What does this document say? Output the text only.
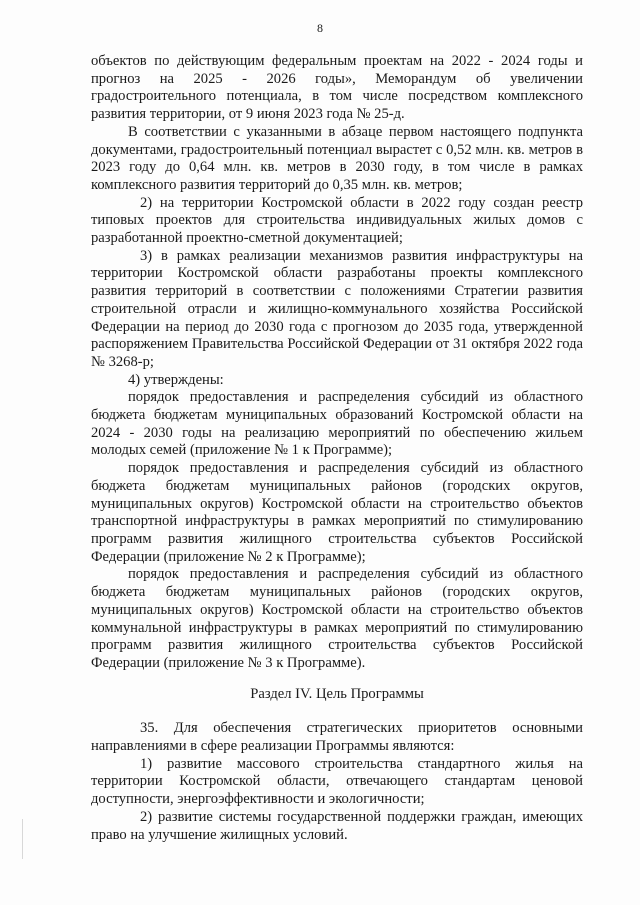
8

объектов по действующим федеральным проектам на 2022 - 2024 годы и прогноз на 2025 - 2026 годы», Меморандум об увеличении градостроительного потенциала, в том числе посредством комплексного развития территории, от 9 июня 2023 года № 25-д.

В соответствии с указанными в абзаце первом настоящего подпункта документами, градостроительный потенциал вырастет с 0,52 млн. кв. метров в 2023 году до 0,64 млн. кв. метров в 2030 году, в том числе в рамках комплексного развития территорий до 0,35 млн. кв. метров;

2) на территории Костромской области в 2022 году создан реестр типовых проектов для строительства индивидуальных жилых домов с разработанной проектно-сметной документацией;

3) в рамках реализации механизмов развития инфраструктуры на территории Костромской области разработаны проекты комплексного развития территорий в соответствии с положениями Стратегии развития строительной отрасли и жилищно-коммунального хозяйства Российской Федерации на период до 2030 года с прогнозом до 2035 года, утвержденной распоряжением Правительства Российской Федерации от 31 октября 2022 года № 3268-р;

4) утверждены:

порядок предоставления и распределения субсидий из областного бюджета бюджетам муниципальных образований Костромской области на 2024 - 2030 годы на реализацию мероприятий по обеспечению жильем молодых семей (приложение № 1 к Программе);

порядок предоставления и распределения субсидий из областного бюджета бюджетам муниципальных районов (городских округов, муниципальных округов) Костромской области на строительство объектов транспортной инфраструктуры в рамках мероприятий по стимулированию программ развития жилищного строительства субъектов Российской Федерации (приложение № 2 к Программе);

порядок предоставления и распределения субсидий из областного бюджета бюджетам муниципальных районов (городских округов, муниципальных округов) Костромской области на строительство объектов коммунальной инфраструктуры в рамках мероприятий по стимулированию программ развития жилищного строительства субъектов Российской Федерации (приложение № 3 к Программе).

Раздел IV. Цель Программы

35. Для обеспечения стратегических приоритетов основными направлениями в сфере реализации Программы являются:

1) развитие массового строительства стандартного жилья на территории Костромской области, отвечающего стандартам ценовой доступности, энергоэффективности и экологичности;

2) развитие системы государственной поддержки граждан, имеющих право на улучшение жилищных условий.
